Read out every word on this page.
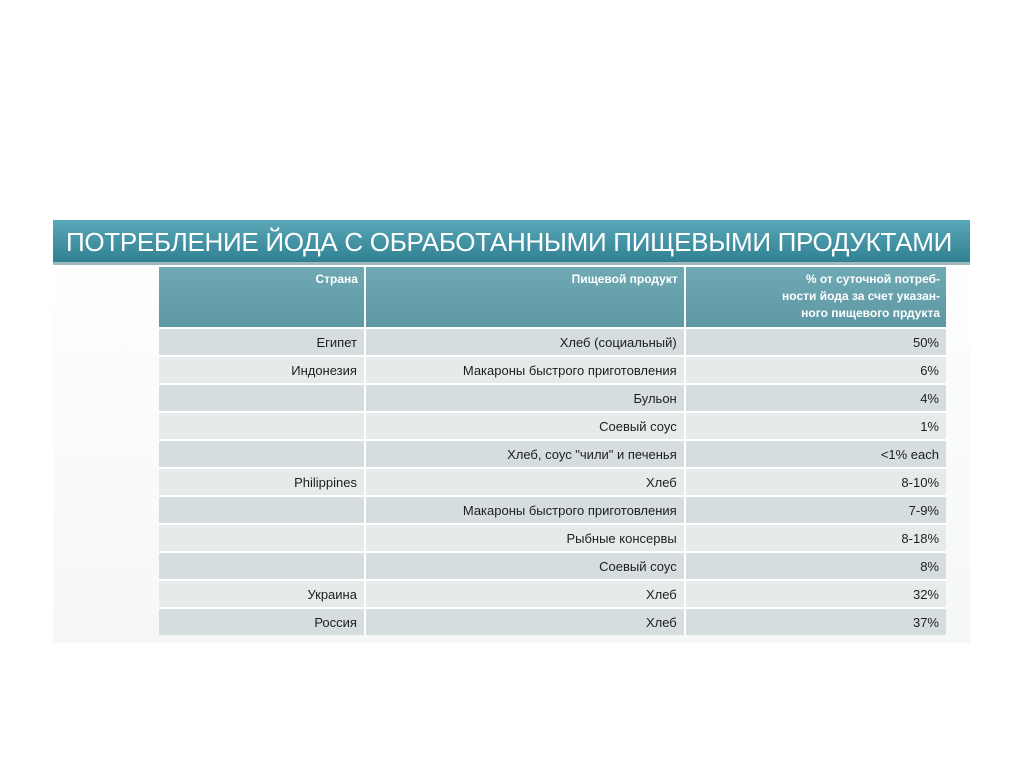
ПОТРЕБЛЕНИЕ ЙОДА С ОБРАБОТАННЫМИ ПИЩЕВЫМИ ПРОДУКТАМИ
Страна	Пищевой продукт	% от суточной потреб-
ности йода за счет указан-
ного пищевого прдукта
Египет	Хлеб (социальный)	50%
Индонезия	Макароны быстрого приготовления	6%
	Бульон	4%
	Соевый соус	1%
	Хлеб, соус "чили" и печенья	<1% each
Philippines	Хлеб	8-10%
	Макароны быстрого приготовления	7-9%
	Рыбные консервы	8-18%
	Соевый соус	8%
Украина	Хлеб	32%
Россия	Хлеб	37%
